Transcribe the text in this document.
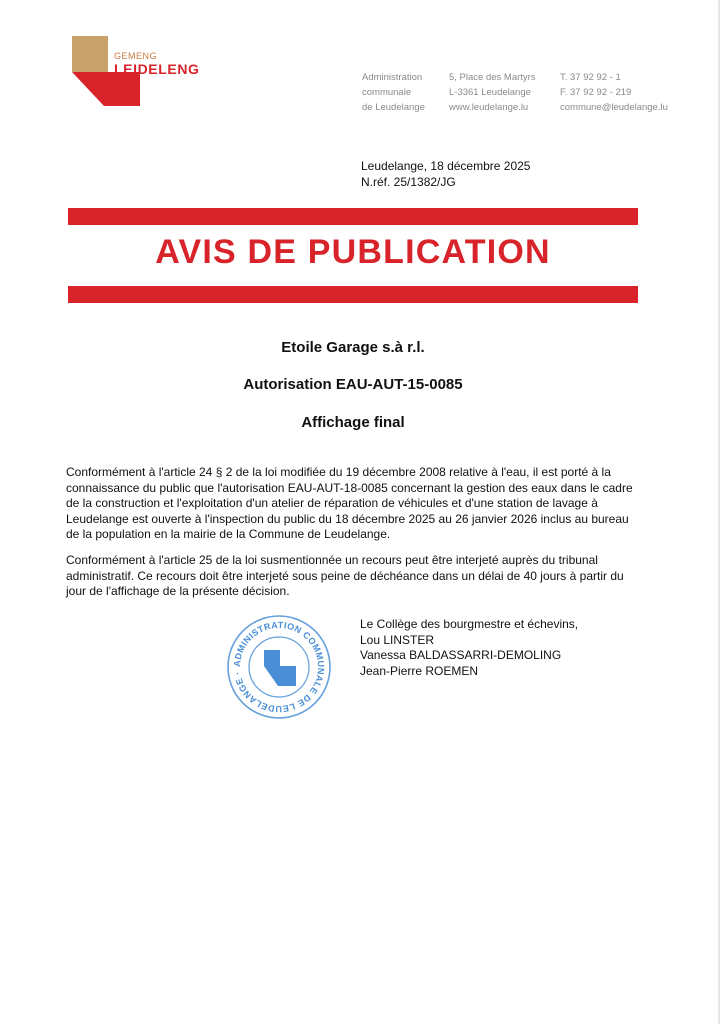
GEMENG
LEIDELENG
Administration
communale
de Leudelange
5, Place des Martyrs
L-3361 Leudelange
www.leudelange.lu
T. 37 92 92 - 1
F. 37 92 92 - 219
commune@leudelange.lu
Leudelange, 18 décembre 2025
N.réf. 25/1382/JG
AVIS DE PUBLICATION
Etoile Garage s.à r.l.
Autorisation EAU-AUT-15-0085
Affichage final
Conformément à l'article 24 § 2 de la loi modifiée du 19 décembre 2008 relative à l'eau, il est porté à la connaissance du public que l'autorisation EAU-AUT-18-0085 concernant la gestion des eaux dans le cadre de la construction et l'exploitation d'un atelier de réparation de véhicules et d'une station de lavage à Leudelange est ouverte à l'inspection du public du 18 décembre 2025 au 26 janvier 2026 inclus au bureau de la population en la mairie de la Commune de Leudelange.
Conformément à l'article 25 de la loi susmentionnée un recours peut être interjeté auprès du tribunal administratif. Ce recours doit être interjeté sous peine de déchéance dans un délai de 40 jours à partir du jour de l'affichage de la présente décision.
ADMINISTRATION COMMUNALE DE LEUDELANGE ·
Le Collège des bourgmestre et échevins,
Lou LINSTER
Vanessa BALDASSARRI-DEMOLING
Jean-Pierre ROEMEN
